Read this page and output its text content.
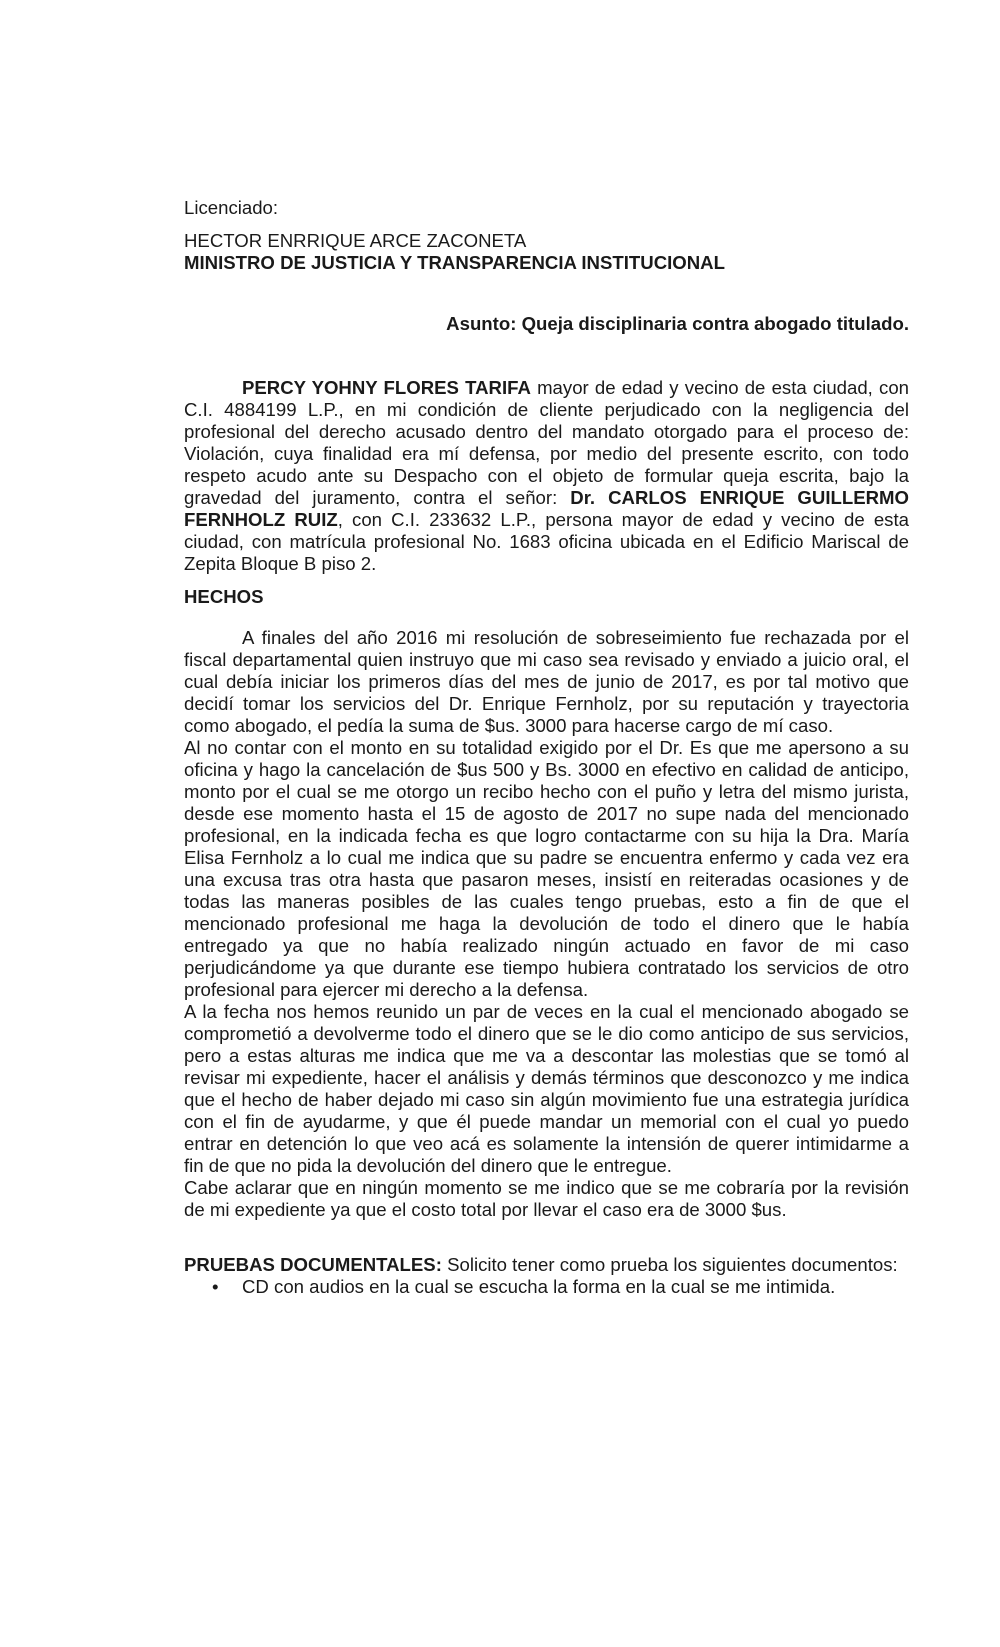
Licenciado:

HECTOR ENRRIQUE ARCE ZACONETA

MINISTRO DE JUSTICIA Y TRANSPARENCIA INSTITUCIONAL

Asunto: Queja disciplinaria contra abogado titulado.

PERCY YOHNY FLORES TARIFA mayor de edad y vecino de esta ciudad, con C.I. 4884199 L.P., en mi condición de cliente perjudicado con la negligencia del profesional del derecho acusado dentro del mandato otorgado para el proceso de: Violación, cuya finalidad era mí defensa, por medio del presente escrito, con todo respeto acudo ante su Despacho con el objeto de formular queja escrita, bajo la gravedad del juramento, contra el señor: Dr. CARLOS ENRIQUE GUILLERMO FERNHOLZ RUIZ, con C.I. 233632 L.P., persona mayor de edad y vecino de esta ciudad, con matrícula profesional No. 1683 oficina ubicada en el Edificio Mariscal de Zepita Bloque B piso 2.

HECHOS

A finales del año 2016 mi resolución de sobreseimiento fue rechazada por el fiscal departamental quien instruyo que mi caso sea revisado y enviado a juicio oral, el cual debía iniciar los primeros días del mes de junio de 2017, es por tal motivo que decidí tomar los servicios del Dr. Enrique Fernholz, por su reputación y trayectoria como abogado, el pedía la suma de $us. 3000 para hacerse cargo de mí caso.

Al no contar con el monto en su totalidad exigido por el Dr. Es que me apersono a su oficina y hago la cancelación de $us 500 y Bs. 3000 en efectivo en calidad de anticipo, monto por el cual se me otorgo un recibo hecho con el puño y letra del mismo jurista, desde ese momento hasta el 15 de agosto de 2017 no supe nada del mencionado profesional, en la indicada fecha es que logro contactarme con su hija la Dra. María Elisa Fernholz a lo cual me indica que su padre se encuentra enfermo y cada vez era una excusa tras otra hasta que pasaron meses, insistí en reiteradas ocasiones y de todas las maneras posibles de las cuales tengo pruebas, esto a fin de que el mencionado profesional me haga la devolución de todo el dinero que le había entregado ya que no había realizado ningún actuado en favor de mi caso perjudicándome ya que durante ese tiempo hubiera contratado los servicios de otro profesional para ejercer mi derecho a la defensa.

A la fecha nos hemos reunido un par de veces en la cual el mencionado abogado se comprometió a devolverme todo el dinero que se le dio como anticipo de sus servicios, pero a estas alturas me indica que me va a descontar las molestias que se tomó al revisar mi expediente, hacer el análisis y demás términos que desconozco y me indica que el hecho de haber dejado mi caso sin algún movimiento fue una estrategia jurídica con el fin de ayudarme, y que él puede mandar un memorial con el cual yo puedo entrar en detención lo que veo acá es solamente la intensión de querer intimidarme a fin de que no pida la devolución del dinero que le entregue.

Cabe aclarar que en ningún momento se me indico que se me cobraría por la revisión de mi expediente ya que el costo total por llevar el caso era de 3000 $us.

PRUEBAS DOCUMENTALES: Solicito tener como prueba los siguientes documentos:

•	CD con audios en la cual se escucha la forma en la cual se me intimida.
